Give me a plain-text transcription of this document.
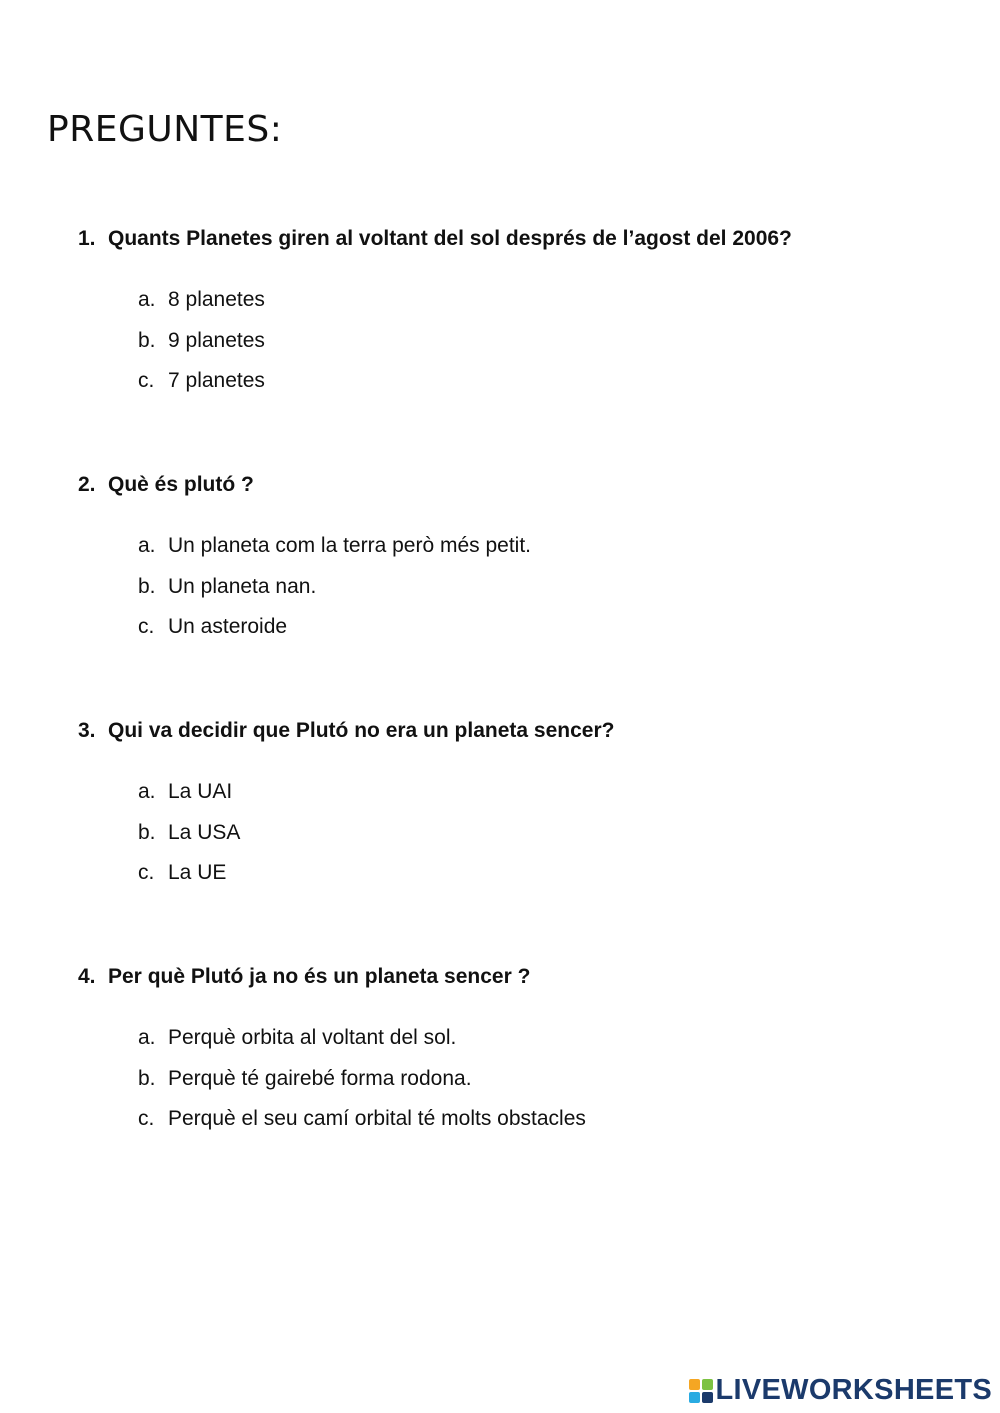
PREGUNTES:
1. Quants Planetes giren al voltant del sol després de l’agost del 2006?
a. 8 planetes
b. 9 planetes
c. 7 planetes
2. Què és plutó ?
a. Un planeta com la terra però més petit.
b. Un planeta nan.
c. Un asteroide
3. Qui va decidir que Plutó no era un planeta sencer?
a. La UAI
b. La USA
c. La UE
4. Per què Plutó ja no és un planeta sencer ?
a. Perquè orbita al voltant del sol.
b. Perquè té gairebé forma rodona.
c. Perquè el seu camí orbital té molts obstacles
LIVEWORKSHEETS
